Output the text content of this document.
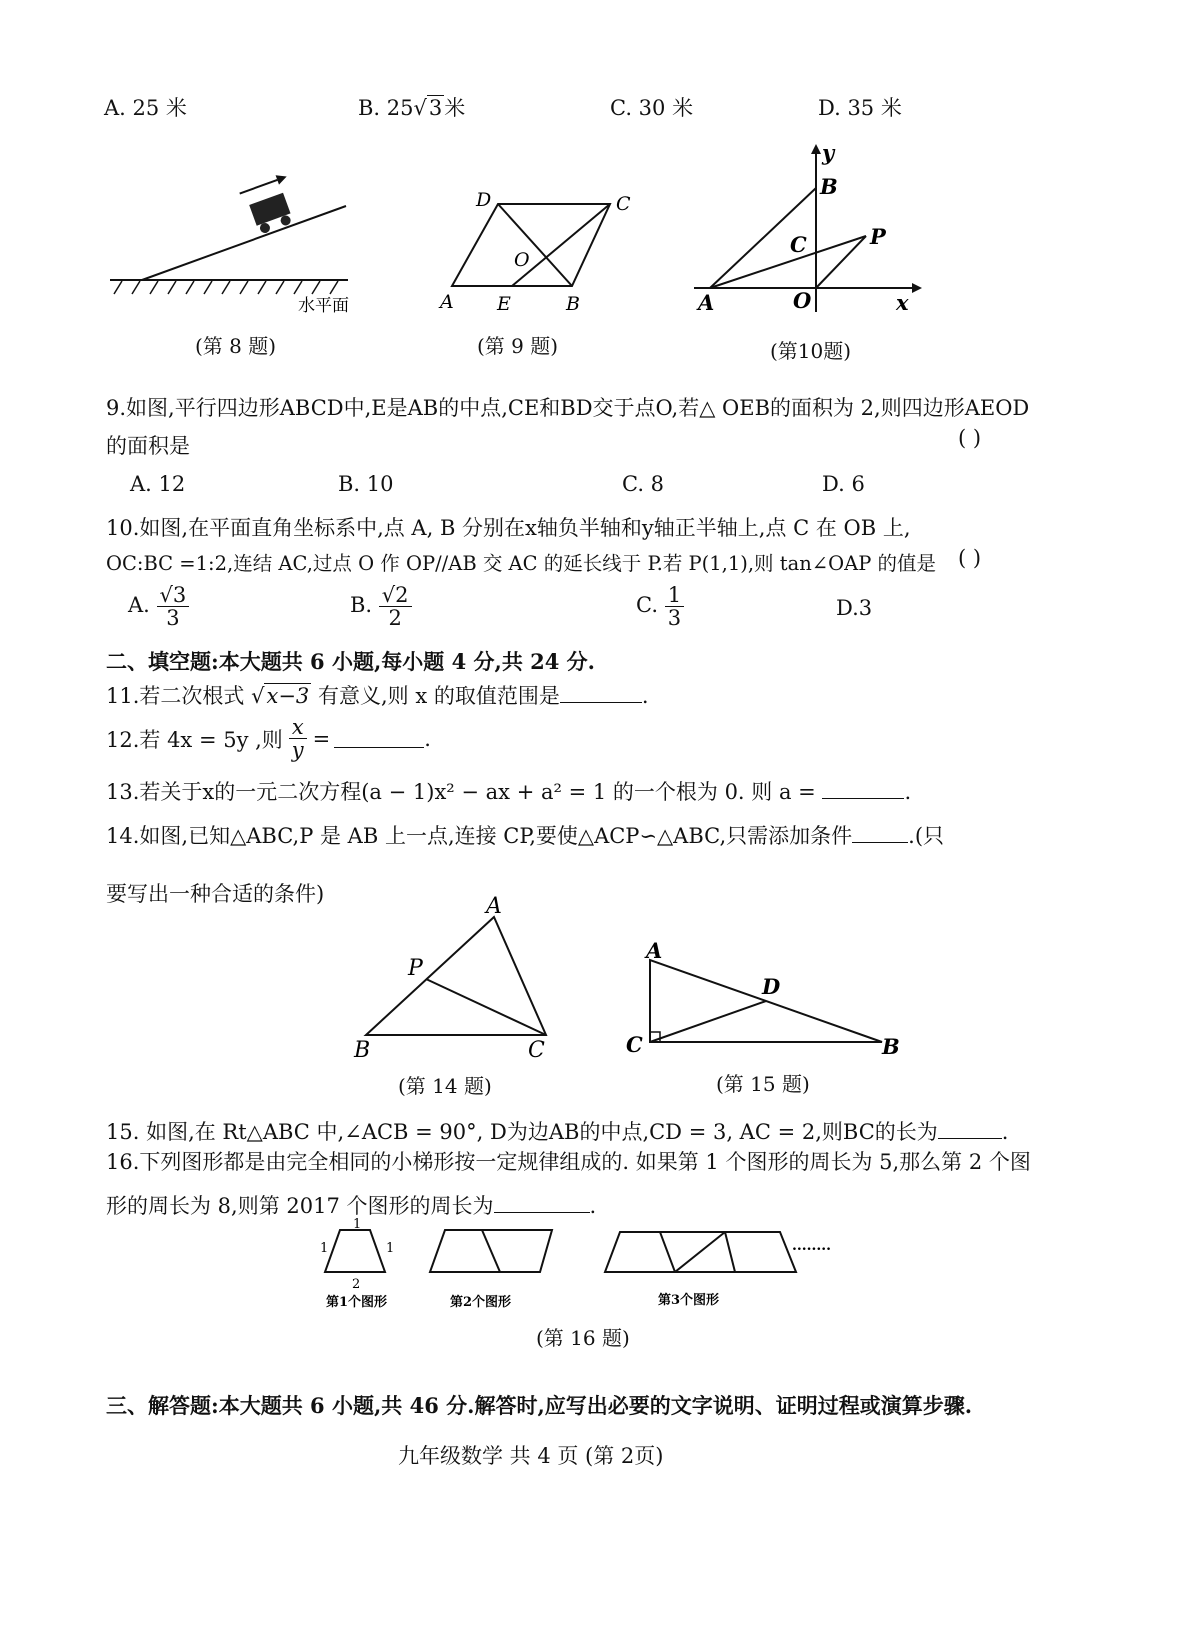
A. 25 米	B. 25√3米	C. 30 米	D. 35 米
水平面
(第 8 题)
D	C
O
A E	B
(第 9 题)
y
B
C	P
A	O	x
(第10题)
9.如图,平行四边形ABCD中,E是AB的中点,CE和BD交于点O,若△ OEB的面积为 2,则四边形AEOD
的面积是	( )
A. 12	B. 10	C. 8	D. 6
10.如图,在平面直角坐标系中,点 A, B 分别在x轴负半轴和y轴正半轴上,点 C 在 OB 上,
OC:BC =1:2,连结 AC,过点 O 作 OP//AB 交 AC 的延长线于 P.若 P(1,1),则 tan∠OAP 的值是 ( )
A. $\frac{√3}{3}$	B. $\frac{√2}{2}$	C. $\frac{1}{3}$	D.3
二、填空题:本大题共 6 小题,每小题 4 分,共 24 分.
11.若二次根式 √x−3 有意义,则 x 的取值范围是	.
12.若 4x = 5y ,则 $\frac{x}{y}$ =	.
13.若关于x的一元二次方程(a − 1)x² − ax + a² = 1 的一个根为 0. 则 a =	.
14.如图,已知△ABC,P 是 AB 上一点,连接 CP,要使△ACP∽△ABC,只需添加条件	.(只
要写出一种合适的条件)	A
P
B	C
(第 14 题)
A
D
C	B
(第 15 题)
15. 如图,在 Rt△ABC 中,∠ACB = 90°, D为边AB的中点,CD = 3, AC = 2,则BC的长为	.
16.下列图形都是由完全相同的小梯形按一定规律组成的. 如果第 1 个图形的周长为 5,那么第 2 个图
形的周长为 8,则第 2017 个图形的周长为	.
1
1	1
2
........
第1个图形	第2个图形	第3个图形
(第 16 题)
三、解答题:本大题共 6 小题,共 46 分.解答时,应写出必要的文字说明、证明过程或演算步骤.
九年级数学 共 4 页 (第 2页)
